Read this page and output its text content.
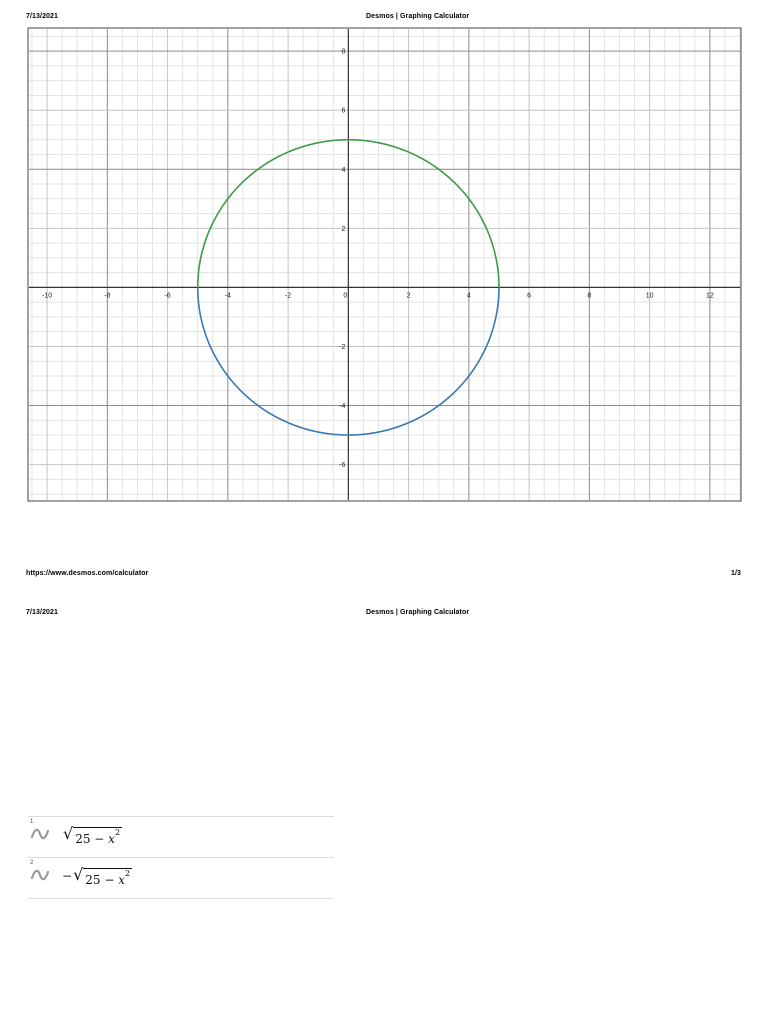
7/13/2021	Desmos | Graphing Calculator
-10	-8	-6	-4	-2	0	2	4	6	8	10	12
8
6
4
2
-2
-4
-6
https://www.desmos.com/calculator	1/3
7/13/2021	Desmos | Graphing Calculator
1
√ $25 - x^2$
2
− √ $25 - x^2$
